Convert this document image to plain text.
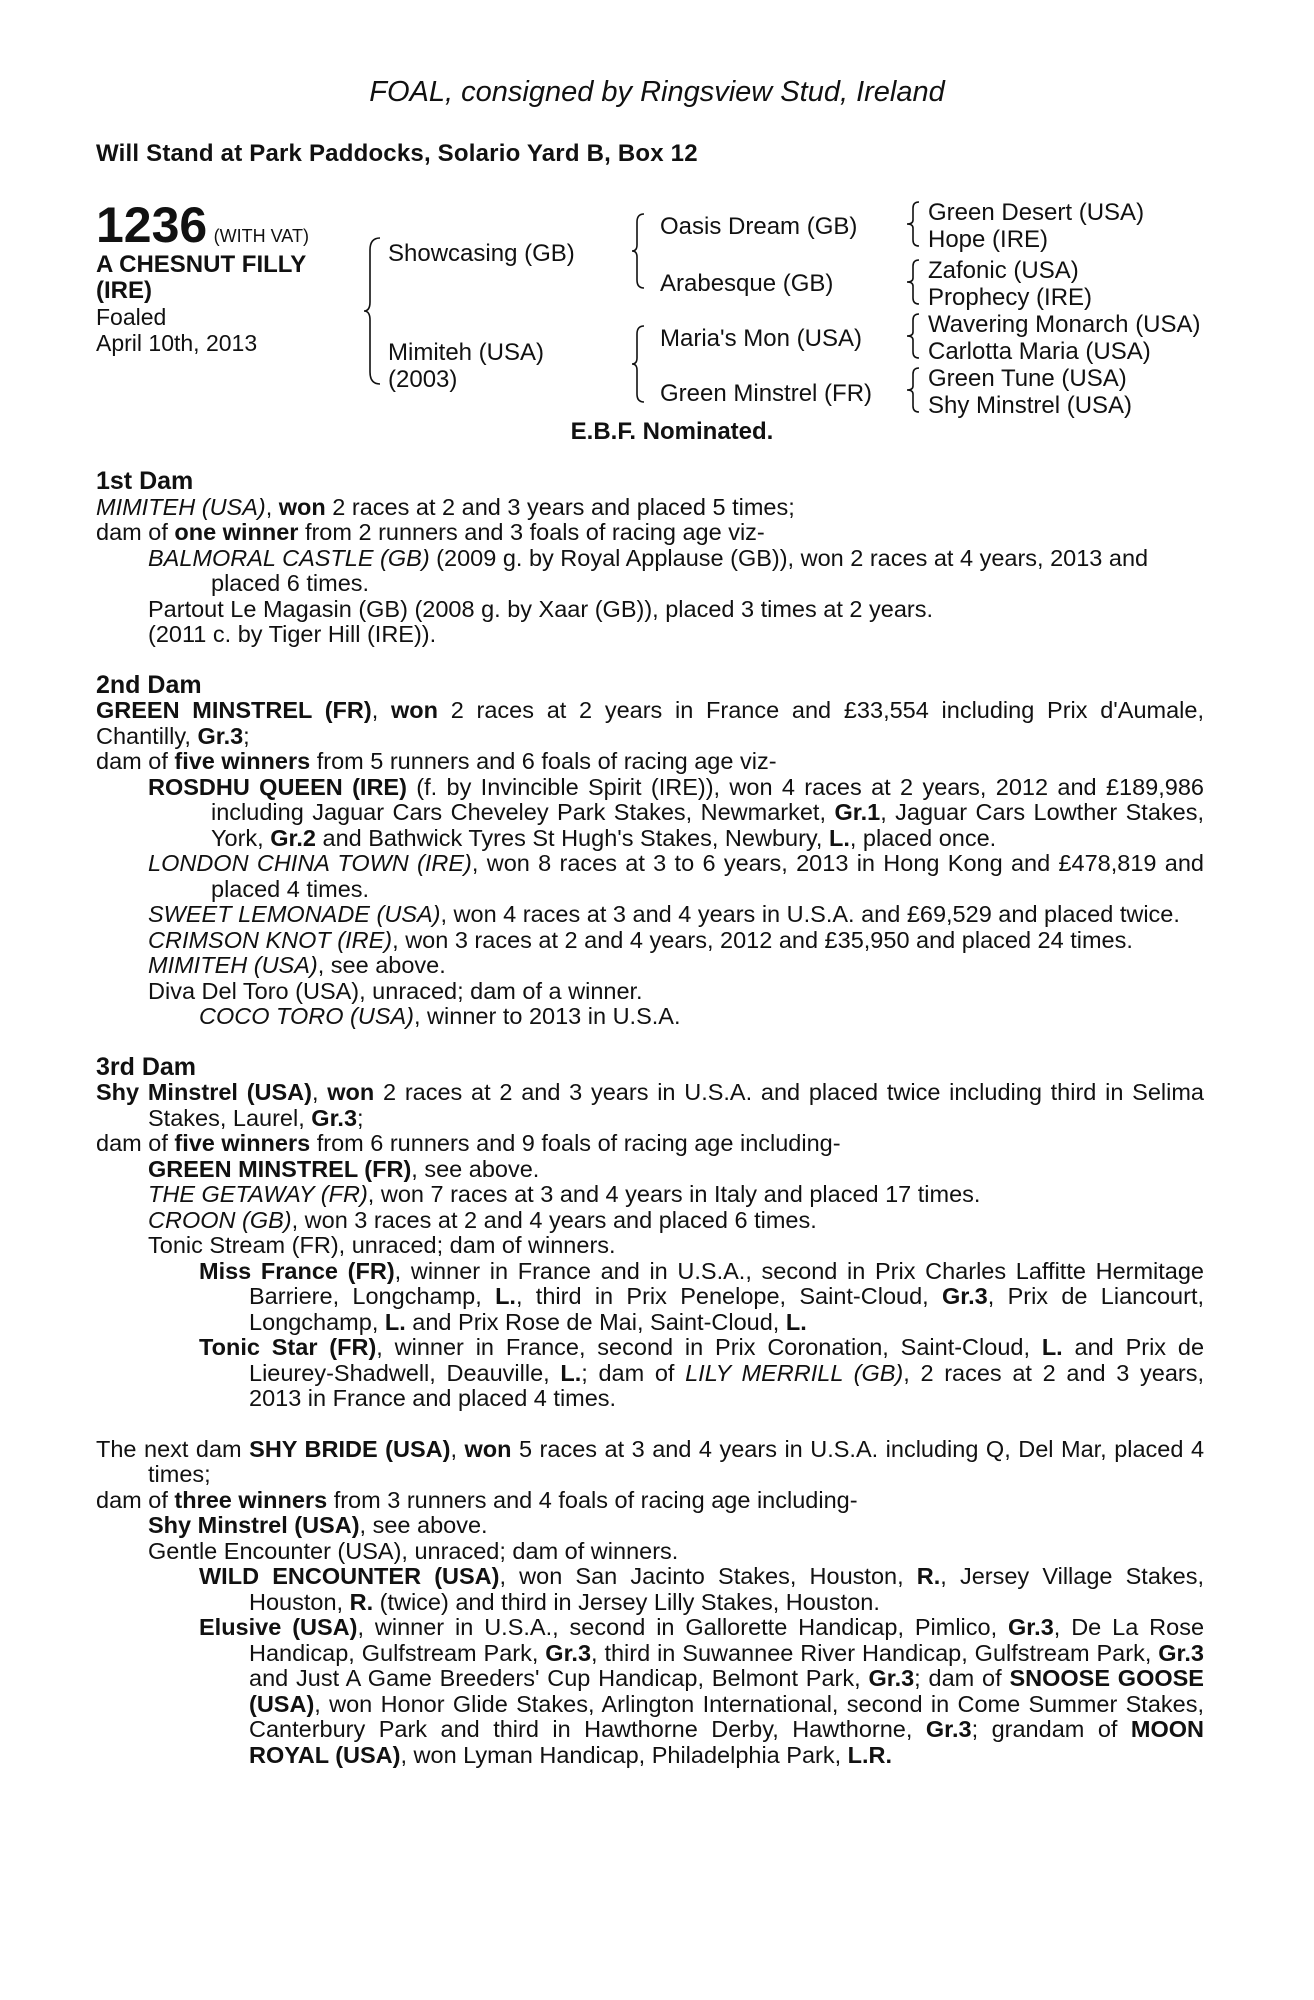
FOAL, consigned by Ringsview Stud, Ireland
Will Stand at Park Paddocks, Solario Yard B, Box 12
1236 (WITH VAT)
A CHESNUT FILLY
(IRE)
Foaled
April 10th, 2013
Showcasing (GB)
Mimiteh (USA)
(2003)
Oasis Dream (GB)
Arabesque (GB)
Maria's Mon (USA)
Green Minstrel (FR)
Green Desert (USA)
Hope (IRE)
Zafonic (USA)
Prophecy (IRE)
Wavering Monarch (USA)
Carlotta Maria (USA)
Green Tune (USA)
Shy Minstrel (USA)
E.B.F. Nominated.
1st Dam

MIMITEH (USA), won 2 races at 2 and 3 years and placed 5 times;

dam of one winner from 2 runners and 3 foals of racing age viz-

BALMORAL CASTLE (GB) (2009 g. by Royal Applause (GB)), won 2 races at 4 years, 2013 and placed 6 times.

Partout Le Magasin (GB) (2008 g. by Xaar (GB)), placed 3 times at 2 years.

(2011 c. by Tiger Hill (IRE)).

2nd Dam

GREEN MINSTREL (FR), won 2 races at 2 years in France and £33,554 including Prix d'Aumale, Chantilly, Gr.3;

dam of five winners from 5 runners and 6 foals of racing age viz-

ROSDHU QUEEN (IRE) (f. by Invincible Spirit (IRE)), won 4 races at 2 years, 2012 and £189,986 including Jaguar Cars Cheveley Park Stakes, Newmarket, Gr.1, Jaguar Cars Lowther Stakes, York, Gr.2 and Bathwick Tyres St Hugh's Stakes, Newbury, L., placed once.

LONDON CHINA TOWN (IRE), won 8 races at 3 to 6 years, 2013 in Hong Kong and £478,819 and placed 4 times.

SWEET LEMONADE (USA), won 4 races at 3 and 4 years in U.S.A. and £69,529 and placed twice.

CRIMSON KNOT (IRE), won 3 races at 2 and 4 years, 2012 and £35,950 and placed 24 times.

MIMITEH (USA), see above.

Diva Del Toro (USA), unraced; dam of a winner.

COCO TORO (USA), winner to 2013 in U.S.A.

3rd Dam

Shy Minstrel (USA), won 2 races at 2 and 3 years in U.S.A. and placed twice including third in Selima Stakes, Laurel, Gr.3;

dam of five winners from 6 runners and 9 foals of racing age including-

GREEN MINSTREL (FR), see above.

THE GETAWAY (FR), won 7 races at 3 and 4 years in Italy and placed 17 times.

CROON (GB), won 3 races at 2 and 4 years and placed 6 times.

Tonic Stream (FR), unraced; dam of winners.

Miss France (FR), winner in France and in U.S.A., second in Prix Charles Laffitte Hermitage Barriere, Longchamp, L., third in Prix Penelope, Saint-Cloud, Gr.3, Prix de Liancourt, Longchamp, L. and Prix Rose de Mai, Saint-Cloud, L.

Tonic Star (FR), winner in France, second in Prix Coronation, Saint-Cloud, L. and Prix de Lieurey-Shadwell, Deauville, L.; dam of LILY MERRILL (GB), 2 races at 2 and 3 years, 2013 in France and placed 4 times.

The next dam SHY BRIDE (USA), won 5 races at 3 and 4 years in U.S.A. including Q, Del Mar, placed 4 times;

dam of three winners from 3 runners and 4 foals of racing age including-

Shy Minstrel (USA), see above.

Gentle Encounter (USA), unraced; dam of winners.

WILD ENCOUNTER (USA), won San Jacinto Stakes, Houston, R., Jersey Village Stakes, Houston, R. (twice) and third in Jersey Lilly Stakes, Houston.

Elusive (USA), winner in U.S.A., second in Gallorette Handicap, Pimlico, Gr.3, De La Rose Handicap, Gulfstream Park, Gr.3, third in Suwannee River Handicap, Gulfstream Park, Gr.3 and Just A Game Breeders' Cup Handicap, Belmont Park, Gr.3; dam of SNOOSE GOOSE (USA), won Honor Glide Stakes, Arlington International, second in Come Summer Stakes, Canterbury Park and third in Hawthorne Derby, Hawthorne, Gr.3; grandam of MOON ROYAL (USA), won Lyman Handicap, Philadelphia Park, L.R.
